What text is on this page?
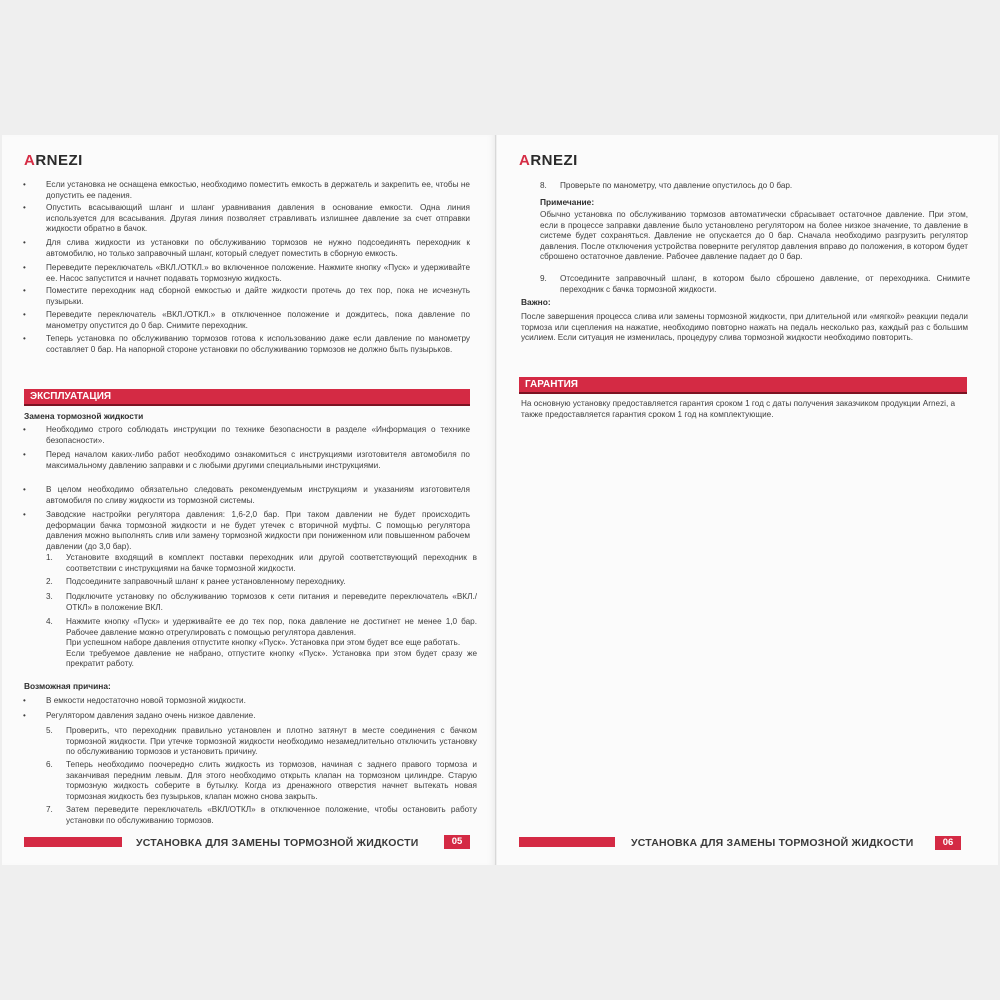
ARNEZI
•	Если установка не оснащена емкостью, необходимо поместить емкость в держатель и закрепить ее, чтобы не допустить ее падения.
•	Опустить всасывающий шланг и шланг уравнивания давления в основание емкости. Одна линия используется для всасывания. Другая линия позволяет стравливать излишнее давление за счет отправки жидкости обратно в бачок.
•	Для слива жидкости из установки по обслуживанию тормозов не нужно подсоединять переходник к автомобилю, но только заправочный шланг, который следует поместить в сборную емкость.
•	Переведите переключатель «ВКЛ./ОТКЛ.» во включенное положение. Нажмите кнопку «Пуск» и удерживайте ее. Насос запустится и начнет подавать тормозную жидкость.
•	Поместите переходник над сборной емкостью и дайте жидкости протечь до тех пор, пока не исчезнуть пузырьки.
•	Переведите переключатель «ВКЛ./ОТКЛ.» в отключенное положение и дождитесь, пока давление по манометру опустится до 0 бар. Снимите переходник.
•	Теперь установка по обслуживанию тормозов готова к использованию даже если давление по манометру составляет 0 бар. На напорной стороне установки по обслуживанию тормозов не должно быть пузырьков.
ЭКСПЛУАТАЦИЯ
Замена тормозной жидкости
•	Необходимо строго соблюдать инструкции по технике безопасности в разделе «Информация о технике безопасности».
•	Перед началом каких-либо работ необходимо ознакомиться с инструкциями изготовителя автомобиля по максимальному давлению заправки и с любыми другими специальными инструкциями.
•	В целом необходимо обязательно следовать рекомендуемым инструкциям и указаниям изготовителя автомобиля по сливу жидкости из тормозной системы.
•	Заводские настройки регулятора давления: 1,6-2,0 бар. При таком давлении не будет происходить деформации бачка тормозной жидкости и не будет утечек с вторичной муфты. С помощью регулятора давления можно выполнять слив или замену тормозной жидкости при пониженном или повышенном рабочем давлении (до 3,0 бар).
1. Установите входящий в комплект поставки переходник или другой соответствующий переходник в соответствии с инструкциями на бачке тормозной жидкости.
2. Подсоедините заправочный шланг к ранее установленному переходнику.
3. Подключите установку по обслуживанию тормозов к сети питания и переведите переключатель «ВКЛ./ОТКЛ» в положение ВКЛ.
4. Нажмите кнопку «Пуск» и удерживайте ее до тех пор, пока давление не достигнет не менее 1,0 бар. Рабочее давление можно отрегулировать с помощью регулятора давления.
При успешном наборе давления отпустите кнопку «Пуск». Установка при этом будет все еще работать.
Если требуемое давление не набрано, отпустите кнопку «Пуск». Установка при этом будет сразу же прекратит работу.
Возможная причина:
•	В емкости недостаточно новой тормозной жидкости.
•	Регулятором давления задано очень низкое давление.
5. Проверить, что переходник правильно установлен и плотно затянут в месте соединения с бачком тормозной жидкости. При утечке тормозной жидкости необходимо незамедлительно отключить установку по обслуживанию тормозов и установить причину.
6. Теперь необходимо поочередно слить жидкость из тормозов, начиная с заднего правого тормоза и заканчивая передним левым. Для этого необходимо открыть клапан на тормозном цилиндре. Старую тормозную жидкость соберите в бутылку. Когда из дренажного отверстия начнет вытекать новая тормозная жидкость без пузырьков, клапан можно снова закрыть.
7. Затем переведите переключатель «ВКЛ/ОТКЛ» в отключенное положение, чтобы остановить работу установки по обслуживанию тормозов.
УСТАНОВКА ДЛЯ ЗАМЕНЫ ТОРМОЗНОЙ ЖИДКОСТИ	05
ARNEZI
8. Проверьте по манометру, что давление опустилось до 0 бар.
Примечание:
Обычно установка по обслуживанию тормозов автоматически сбрасывает остаточное давление. При этом, если в процессе заправки давление было установлено регулятором на более низкое значение, то давление в системе будет сохраняться. Давление не опускается до 0 бар. Сначала необходимо разгрузить регулятор давления. После отключения устройства поверните регулятор давления вправо до положения, в котором будет сброшено остаточное давление. Рабочее давление падает до 0 бар.
9. Отсоедините заправочный шланг, в котором было сброшено давление, от переходника. Снимите переходник с бачка тормозной жидкости.
Важно:
После завершения процесса слива или замены тормозной жидкости, при длительной или «мягкой» реакции педали тормоза или сцепления на нажатие, необходимо повторно нажать на педаль несколько раз, каждый раз с большим усилием. Если ситуация не изменилась, процедуру слива тормозной жидкости необходимо повторить.
ГАРАНТИЯ
На основную установку предоставляется гарантия сроком 1 год с даты получения заказчиком продукции Arnezi, а также предоставляется гарантия сроком 1 год на комплектующие.
УСТАНОВКА ДЛЯ ЗАМЕНЫ ТОРМОЗНОЙ ЖИДКОСТИ	06
